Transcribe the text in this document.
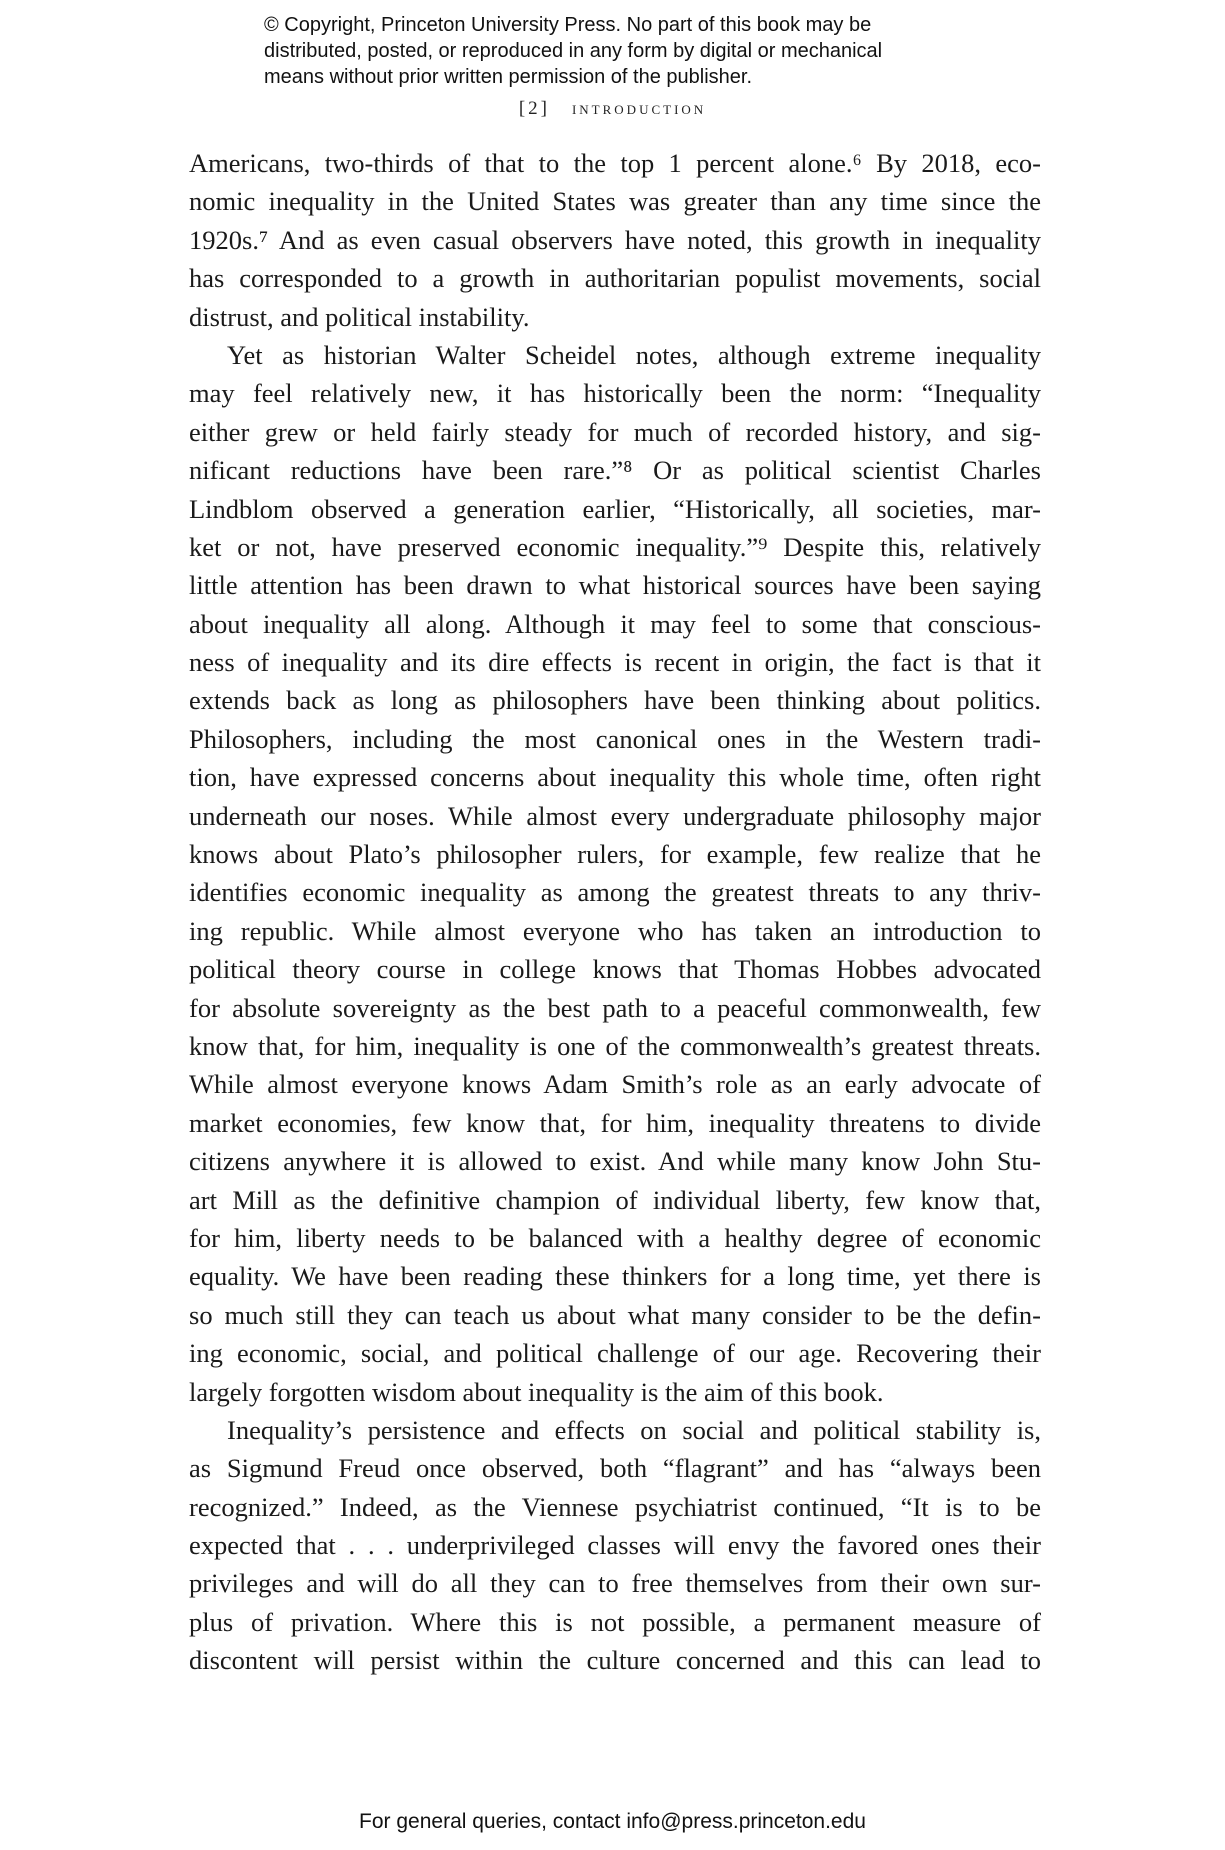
© Copyright, Princeton University Press. No part of this book may be
distributed, posted, or reproduced in any form by digital or mechanical
means without prior written permission of the publisher.
[2] introduction
Americans, two-thirds of that to the top 1 percent alone.⁶ By 2018, eco-
nomic inequality in the United States was greater than any time since the
1920s.⁷ And as even casual observers have noted, this growth in inequality
has corresponded to a growth in authoritarian populist movements, social
distrust, and political instability.
Yet as historian Walter Scheidel notes, although extreme inequality
may feel relatively new, it has historically been the norm: “Inequality
either grew or held fairly steady for much of recorded history, and sig-
nificant reductions have been rare.”⁸ Or as political scientist Charles
Lindblom observed a generation earlier, “Historically, all societies, mar-
ket or not, have preserved economic inequality.”⁹ Despite this, relatively
little attention has been drawn to what historical sources have been saying
about inequality all along. Although it may feel to some that conscious-
ness of inequality and its dire effects is recent in origin, the fact is that it
extends back as long as philosophers have been thinking about politics.
Philosophers, including the most canonical ones in the Western tradi-
tion, have expressed concerns about inequality this whole time, often right
underneath our noses. While almost every undergraduate philosophy major
knows about Plato’s philosopher rulers, for example, few realize that he
identifies economic inequality as among the greatest threats to any thriv-
ing republic. While almost everyone who has taken an introduction to
political theory course in college knows that Thomas Hobbes advocated
for absolute sovereignty as the best path to a peaceful commonwealth, few
know that, for him, inequality is one of the commonwealth’s greatest threats.
While almost everyone knows Adam Smith’s role as an early advocate of
market economies, few know that, for him, inequality threatens to divide
citizens anywhere it is allowed to exist. And while many know John Stu-
art Mill as the definitive champion of individual liberty, few know that,
for him, liberty needs to be balanced with a healthy degree of economic
equality. We have been reading these thinkers for a long time, yet there is
so much still they can teach us about what many consider to be the defin-
ing economic, social, and political challenge of our age. Recovering their
largely forgotten wisdom about inequality is the aim of this book.
Inequality’s persistence and effects on social and political stability is,
as Sigmund Freud once observed, both “flagrant” and has “always been
recognized.” Indeed, as the Viennese psychiatrist continued, “It is to be
expected that . . . underprivileged classes will envy the favored ones their
privileges and will do all they can to free themselves from their own sur-
plus of privation. Where this is not possible, a permanent measure of
discontent will persist within the culture concerned and this can lead to
For general queries, contact info@press.princeton.edu
